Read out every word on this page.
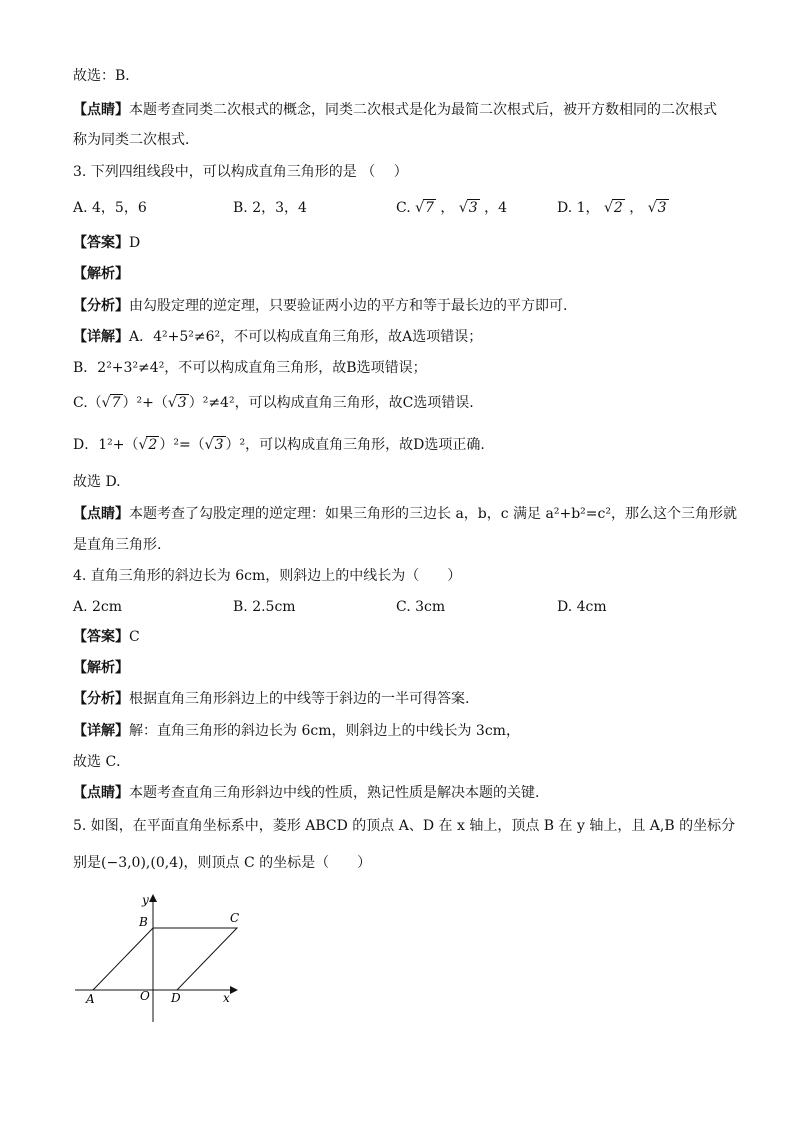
故选：B．
【点睛】本题考查同类二次根式的概念，同类二次根式是化为最简二次根式后，被开方数相同的二次根式
称为同类二次根式．
3. 下列四组线段中，可以构成直角三角形的是 （　 ）
A. 4，5，6	B. 2，3，4	C. √7 ， √3 ，4	D. 1， √2 ， √3
【答案】D
【解析】
【分析】由勾股定理的逆定理，只要验证两小边的平方和等于最长边的平方即可.
【详解】A．4²+5²≠6²，不可以构成直角三角形，故A选项错误；
B．2²+3²≠4²，不可以构成直角三角形，故B选项错误；
C.（√7 ）²+（√3 ）²≠4²，可以构成直角三角形，故C选项错误.
D．1²+（√2 ）²=（√3 ）²，可以构成直角三角形，故D选项正确.
故选 D.
【点睛】本题考查了勾股定理的逆定理：如果三角形的三边长 a，b，c 满足 a²+b²=c²，那么这个三角形就
是直角三角形.
4. 直角三角形的斜边长为 6cm，则斜边上的中线长为（　　）
A. 2cm	B. 2.5cm	C. 3cm	D. 4cm
【答案】C
【解析】
【分析】根据直角三角形斜边上的中线等于斜边的一半可得答案.
【详解】解：直角三角形的斜边长为 6cm，则斜边上的中线长为 3cm，
故选 C．
【点睛】本题考查直角三角形斜边中线的性质，熟记性质是解决本题的关键.
5. 如图，在平面直角坐标系中，菱形 ABCD 的顶点 A、D 在 x 轴上，顶点 B 在 y 轴上，且 A,B 的坐标分
别是(−3,0),(0,4)，则顶点 C 的坐标是（　　）
y
x
B	C
A	O D
